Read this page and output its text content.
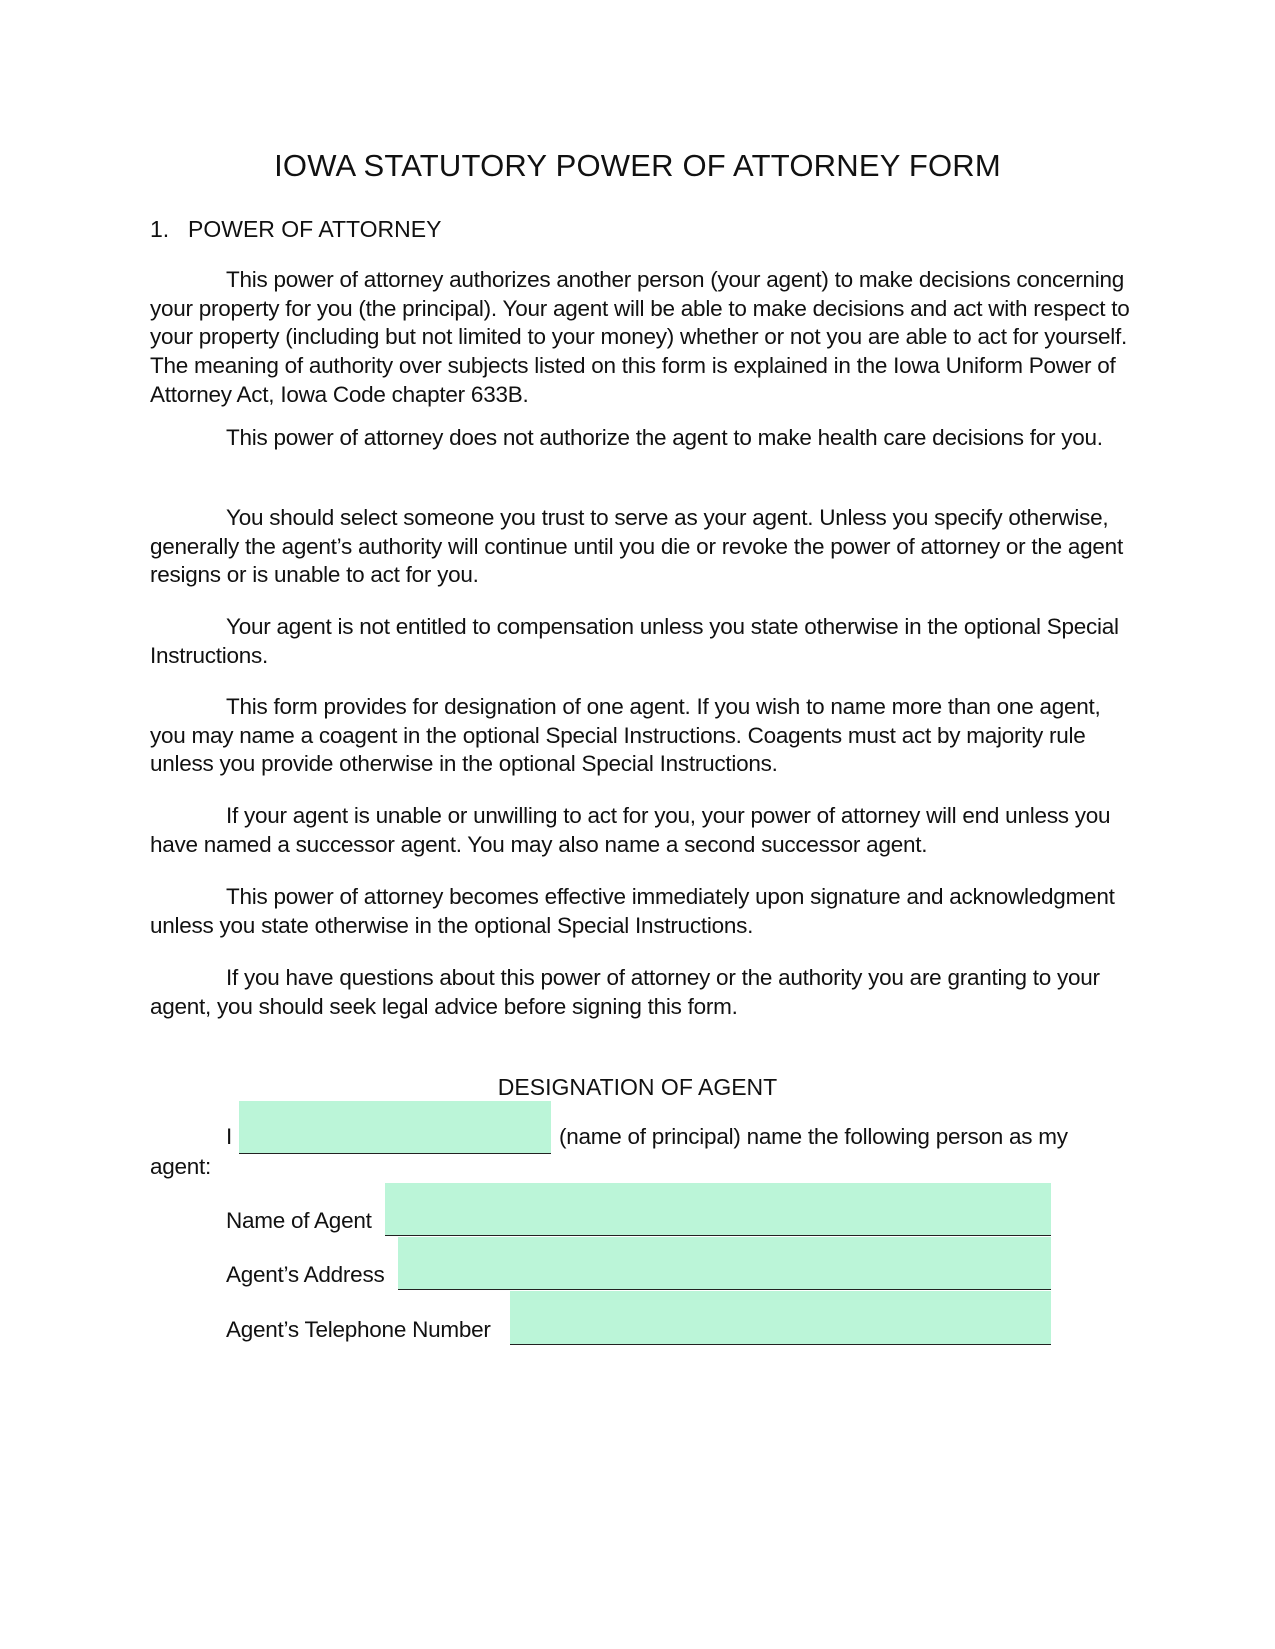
IOWA STATUTORY POWER OF ATTORNEY FORM
1. POWER OF ATTORNEY

This power of attorney authorizes another person (your agent) to make decisions concerning your property for you (the principal). Your agent will be able to make decisions and act with respect to your property (including but not limited to your money) whether or not you are able to act for yourself. The meaning of authority over subjects listed on this form is explained in the Iowa Uniform Power of Attorney Act, Iowa Code chapter 633B.

This power of attorney does not authorize the agent to make health care decisions for you.

You should select someone you trust to serve as your agent. Unless you specify otherwise, generally the agent’s authority will continue until you die or revoke the power of attorney or the agent resigns or is unable to act for you.

Your agent is not entitled to compensation unless you state otherwise in the optional Special Instructions.

This form provides for designation of one agent. If you wish to name more than one agent, you may name a coagent in the optional Special Instructions. Coagents must act by majority rule unless you provide otherwise in the optional Special Instructions.

If your agent is unable or unwilling to act for you, your power of attorney will end unless you have named a successor agent. You may also name a second successor agent.

This power of attorney becomes effective immediately upon signature and acknowledgment unless you state otherwise in the optional Special Instructions.

If you have questions about this power of attorney or the authority you are granting to your agent, you should seek legal advice before signing this form.

DESIGNATION OF AGENT
I	(name of principal) name the following person as my
agent:
Name of Agent
Agent’s Address
Agent’s Telephone Number
